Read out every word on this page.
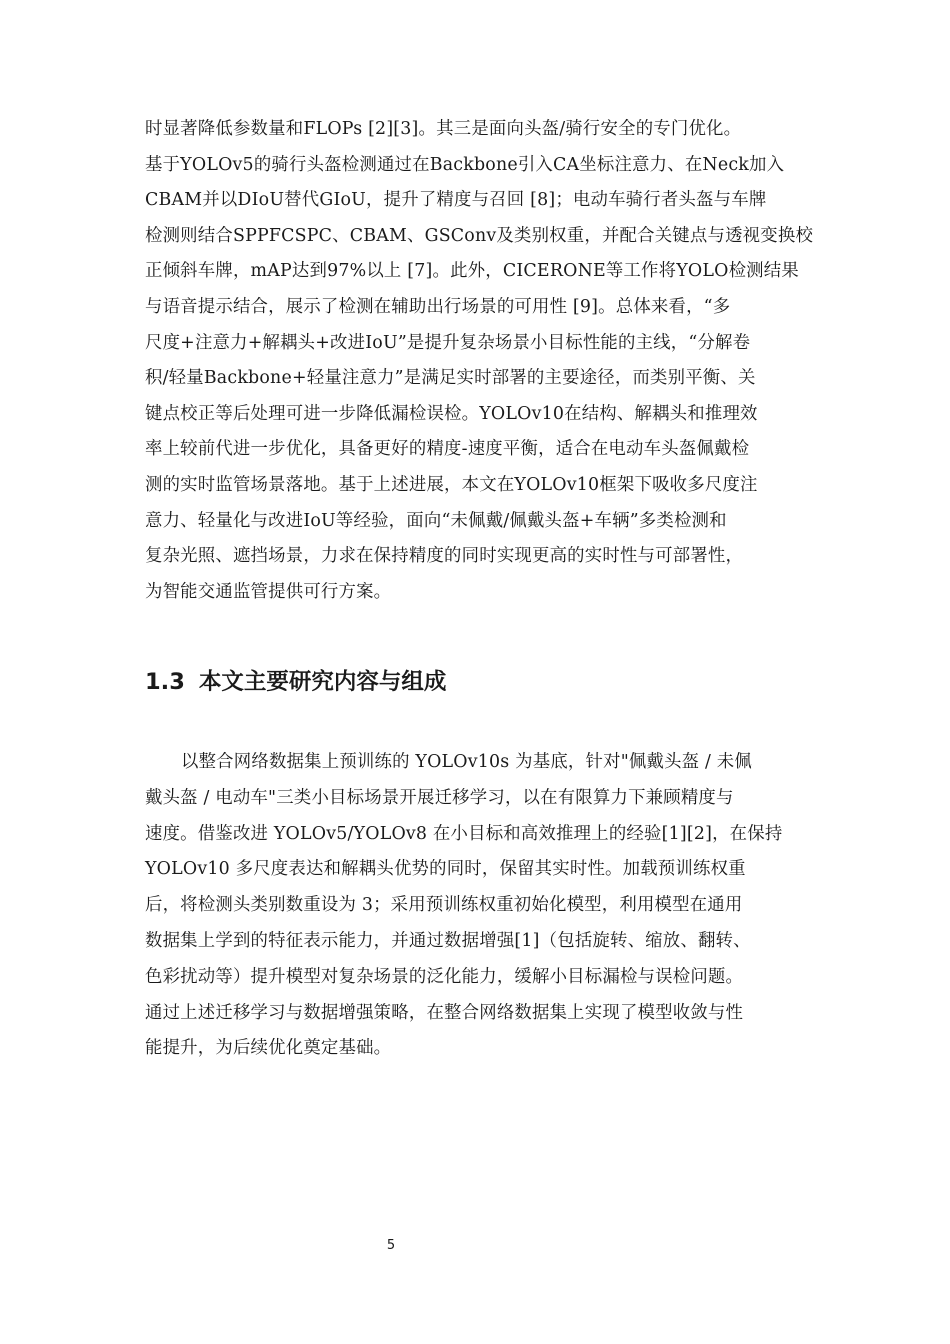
时显著降低参数量和FLOPs [2][3]。其三是面向头盔/骑行安全的专门优化。
基于YOLOv5的骑行头盔检测通过在Backbone引入CA坐标注意力、在Neck加入
CBAM并以DIoU替代GIoU，提升了精度与召回 [8]；电动车骑行者头盔与车牌
检测则结合SPPFCSPC、CBAM、GSConv及类别权重，并配合关键点与透视变换校
正倾斜车牌，mAP达到97%以上 [7]。此外，CICERONE等工作将YOLO检测结果
与语音提示结合，展示了检测在辅助出行场景的可用性 [9]。总体来看，“多
尺度+注意力+解耦头+改进IoU”是提升复杂场景小目标性能的主线，“分解卷
积/轻量Backbone+轻量注意力”是满足实时部署的主要途径，而类别平衡、关
键点校正等后处理可进一步降低漏检误检。YOLOv10在结构、解耦头和推理效
率上较前代进一步优化，具备更好的精度-速度平衡，适合在电动车头盔佩戴检
测的实时监管场景落地。基于上述进展，本文在YOLOv10框架下吸收多尺度注
意力、轻量化与改进IoU等经验，面向“未佩戴/佩戴头盔+车辆”多类检测和
复杂光照、遮挡场景，力求在保持精度的同时实现更高的实时性与可部署性，
为智能交通监管提供可行方案。
1.3 本文主要研究内容与组成
以整合网络数据集上预训练的 YOLOv10s 为基底，针对"佩戴头盔 / 未佩
戴头盔 / 电动车"三类小目标场景开展迁移学习，以在有限算力下兼顾精度与
速度。借鉴改进 YOLOv5/YOLOv8 在小目标和高效推理上的经验[1][2]，在保持
YOLOv10 多尺度表达和解耦头优势的同时，保留其实时性。加载预训练权重
后，将检测头类别数重设为 3；采用预训练权重初始化模型，利用模型在通用
数据集上学到的特征表示能力，并通过数据增强[1]（包括旋转、缩放、翻转、
色彩扰动等）提升模型对复杂场景的泛化能力，缓解小目标漏检与误检问题。
通过上述迁移学习与数据增强策略，在整合网络数据集上实现了模型收敛与性
能提升，为后续优化奠定基础。
5
